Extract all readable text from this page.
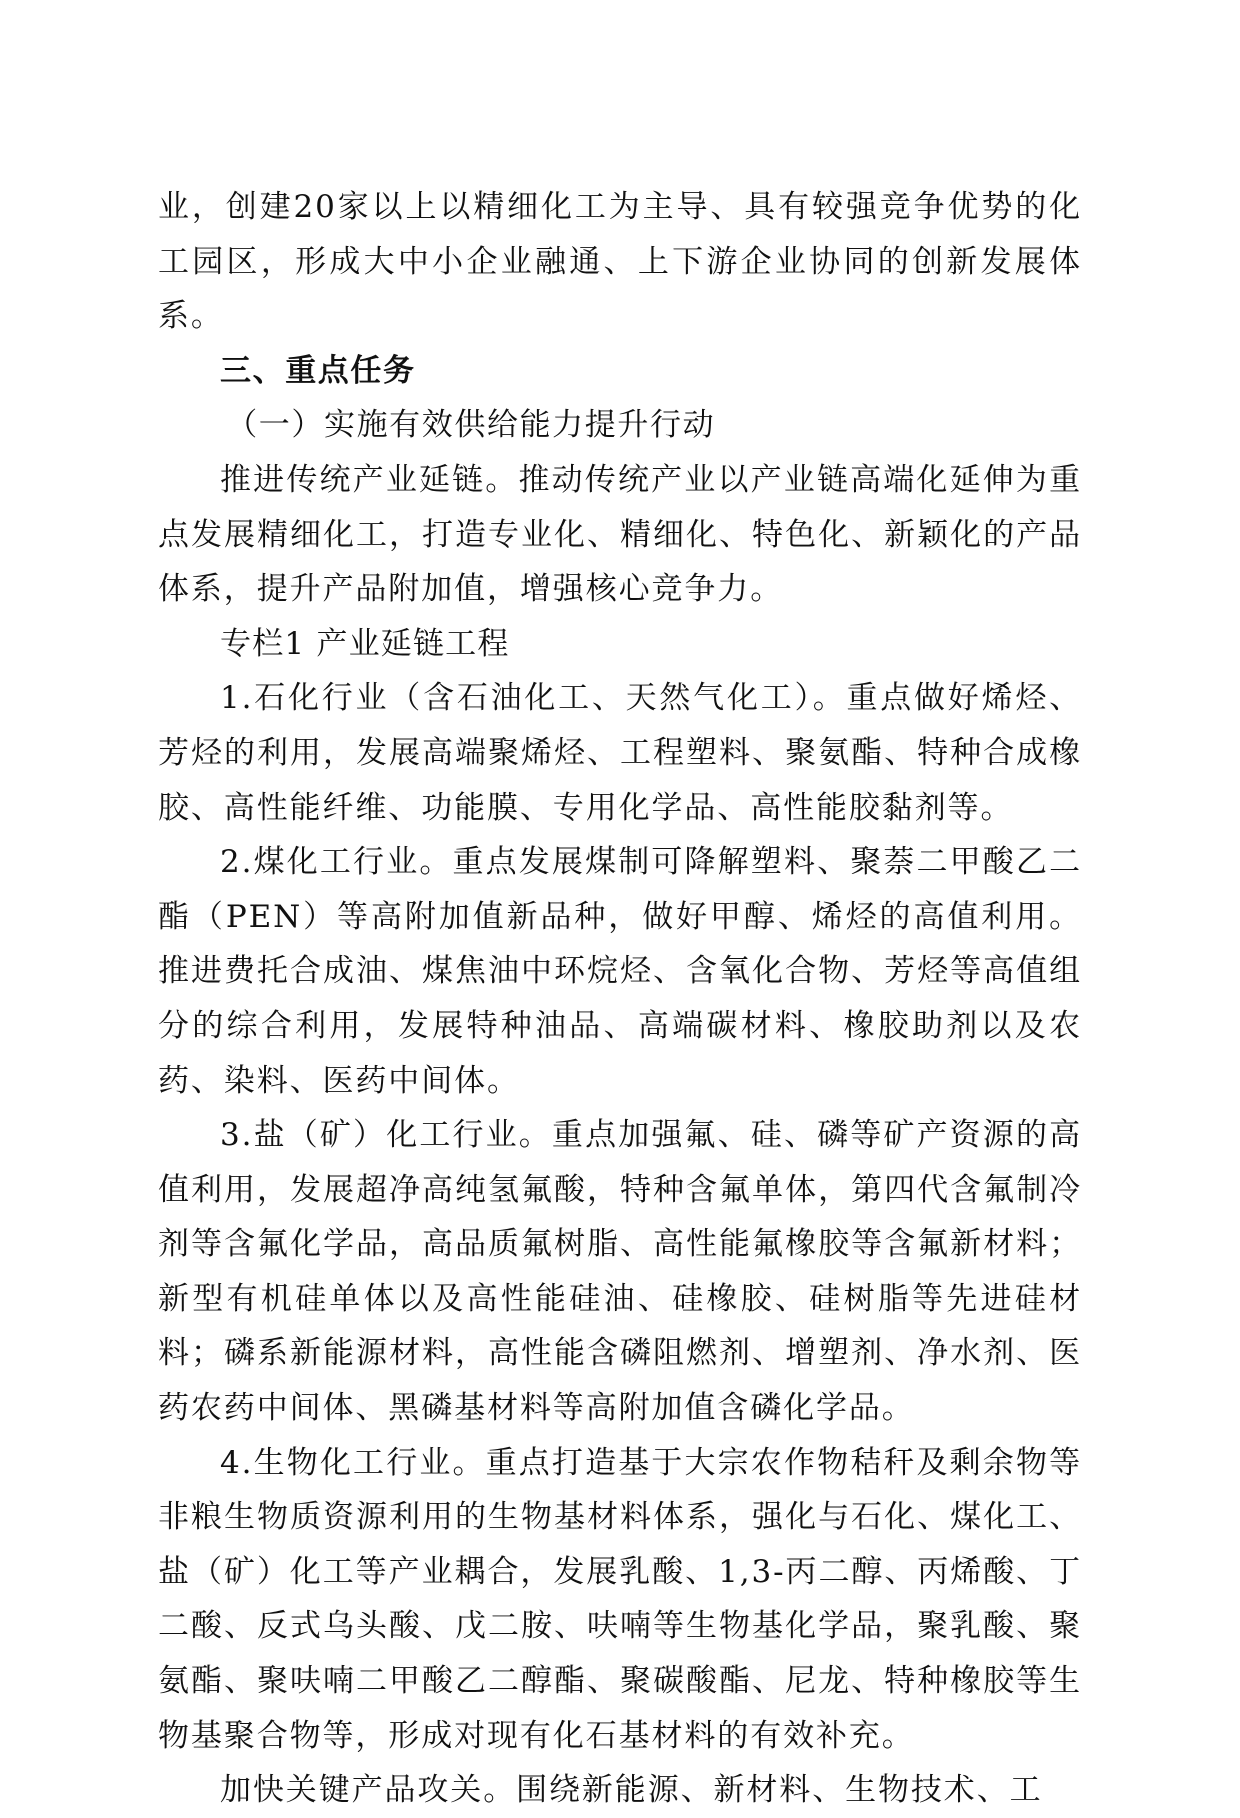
业，创建20家以上以精细化工为主导、具有较强竞争优势的化工园区，形成大中小企业融通、上下游企业协同的创新发展体系。

三、重点任务

（一）实施有效供给能力提升行动

推进传统产业延链。推动传统产业以产业链高端化延伸为重点发展精细化工，打造专业化、精细化、特色化、新颖化的产品体系，提升产品附加值，增强核心竞争力。

专栏1 产业延链工程

1.石化行业（含石油化工、天然气化工）。重点做好烯烃、芳烃的利用，发展高端聚烯烃、工程塑料、聚氨酯、特种合成橡胶、高性能纤维、功能膜、专用化学品、高性能胶黏剂等。

2.煤化工行业。重点发展煤制可降解塑料、聚萘二甲酸乙二酯（PEN）等高附加值新品种，做好甲醇、烯烃的高值利用。推进费托合成油、煤焦油中环烷烃、含氧化合物、芳烃等高值组分的综合利用，发展特种油品、高端碳材料、橡胶助剂以及农药、染料、医药中间体。

3.盐（矿）化工行业。重点加强氟、硅、磷等矿产资源的高值利用，发展超净高纯氢氟酸，特种含氟单体，第四代含氟制冷剂等含氟化学品，高品质氟树脂、高性能氟橡胶等含氟新材料；新型有机硅单体以及高性能硅油、硅橡胶、硅树脂等先进硅材料；磷系新能源材料，高性能含磷阻燃剂、增塑剂、净水剂、医药农药中间体、黑磷基材料等高附加值含磷化学品。

4.生物化工行业。重点打造基于大宗农作物秸秆及剩余物等非粮生物质资源利用的生物基材料体系，强化与石化、煤化工、盐（矿）化工等产业耦合，发展乳酸、1,3-丙二醇、丙烯酸、丁二酸、反式乌头酸、戊二胺、呋喃等生物基化学品，聚乳酸、聚氨酯、聚呋喃二甲酸乙二醇酯、聚碳酸酯、尼龙、特种橡胶等生物基聚合物等，形成对现有化石基材料的有效补充。

加快关键产品攻关。围绕新能源、新材料、生物技术、工
